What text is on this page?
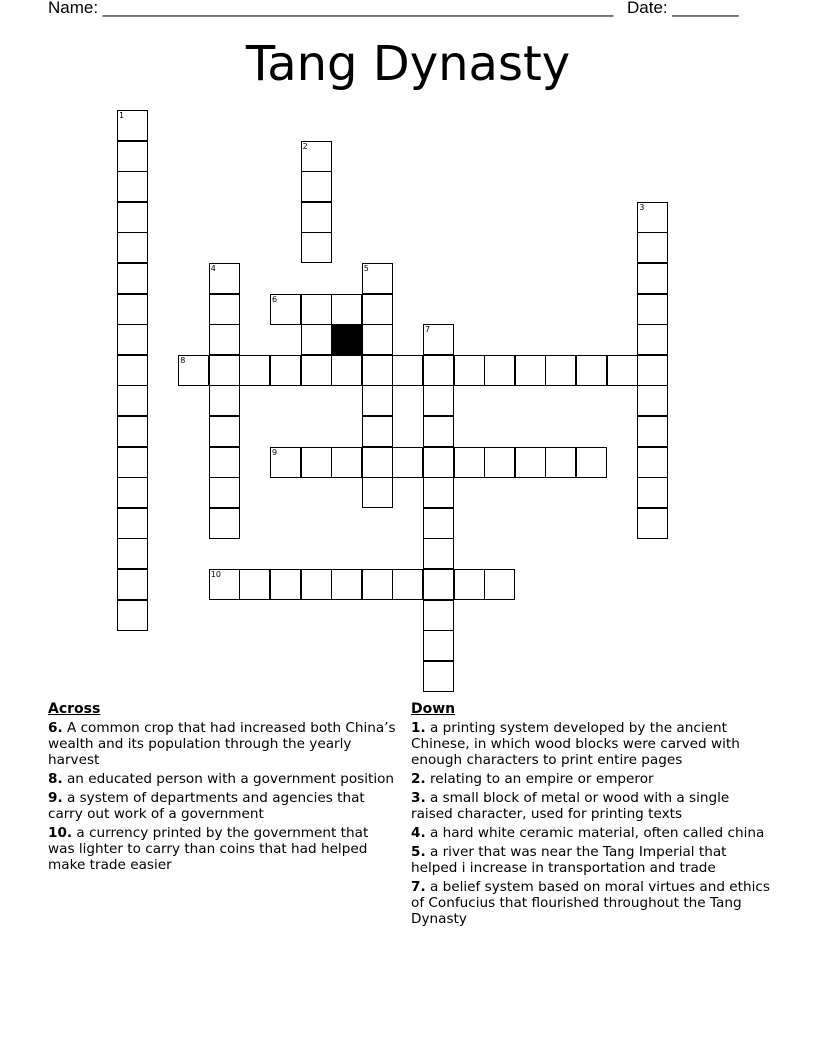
Name: ______________________________________________________ Date: _______
Tang Dynasty
1
2
3
4	5
6
7
8
9
10
Across
6. A common crop that had increased both China’s wealth and its population through the yearly harvest
8. an educated person with a government position
9. a system of departments and agencies that carry out work of a government
10. a currency printed by the government that was lighter to carry than coins that had helped make trade easier
Down
1. a printing system developed by the ancient Chinese, in which wood blocks were carved with enough characters to print entire pages
2. relating to an empire or emperor
3. a small block of metal or wood with a single raised character, used for printing texts
4. a hard white ceramic material, often called china
5. a river that was near the Tang Imperial that helped i increase in transportation and trade
7. a belief system based on moral virtues and ethics of Confucius that flourished throughout the Tang Dynasty
